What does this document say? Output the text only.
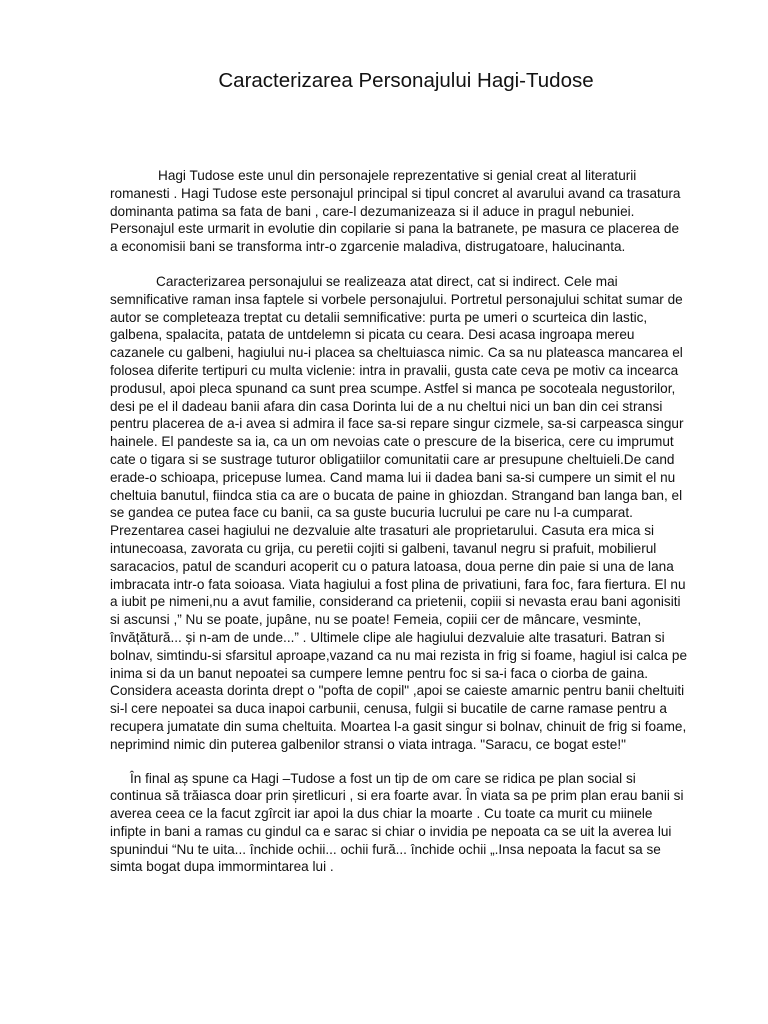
Caracterizarea Personajului Hagi-Tudose

Hagi Tudose este unul din personajele reprezentative si genial creat al literaturii
romanesti . Hagi Tudose este personajul principal si tipul concret al avarului avand ca trasatura
dominanta patima sa fata de bani , care-l dezumanizeaza si il aduce in pragul nebuniei.
Personajul este urmarit in evolutie din copilarie si pana la batranete, pe masura ce placerea de
a economisii bani se transforma intr-o zgarcenie maladiva, distrugatoare, halucinanta.

Caracterizarea personajului se realizeaza atat direct, cat si indirect. Cele mai
semnificative raman insa faptele si vorbele personajului. Portretul personajului schitat sumar de
autor se completeaza treptat cu detalii semnificative: purta pe umeri o scurteica din lastic,
galbena, spalacita, patata de untdelemn si picata cu ceara. Desi acasa ingroapa mereu
cazanele cu galbeni, hagiului nu-i placea sa cheltuiasca nimic. Ca sa nu plateasca mancarea el
folosea diferite tertipuri cu multa viclenie: intra in pravalii, gusta cate ceva pe motiv ca incearca
produsul, apoi pleca spunand ca sunt prea scumpe. Astfel si manca pe socoteala negustorilor,
desi pe el il dadeau banii afara din casa Dorinta lui de a nu cheltui nici un ban din cei stransi
pentru placerea de a-i avea si admira il face sa-si repare singur cizmele, sa-si carpeasca singur
hainele. El pandeste sa ia, ca un om nevoias cate o prescure de la biserica, cere cu imprumut
cate o tigara si se sustrage tuturor obligatiilor comunitatii care ar presupune cheltuieli.De cand
erade-o schioapa, pricepuse lumea. Cand mama lui ii dadea bani sa-si cumpere un simit el nu
cheltuia banutul, fiindca stia ca are o bucata de paine in ghiozdan. Strangand ban langa ban, el
se gandea ce putea face cu banii, ca sa guste bucuria lucrului pe care nu l-a cumparat.
Prezentarea casei hagiului ne dezvaluie alte trasaturi ale proprietarului. Casuta era mica si
intunecoasa, zavorata cu grija, cu peretii cojiti si galbeni, tavanul negru si prafuit, mobilierul
saracacios, patul de scanduri acoperit cu o patura latoasa, doua perne din paie si una de lana
imbracata intr-o fata soioasa. Viata hagiului a fost plina de privatiuni, fara foc, fara fiertura. El nu
a iubit pe nimeni,nu a avut familie, considerand ca prietenii, copiii si nevasta erau bani agonisiti
si ascunsi ,” Nu se poate, jupâne, nu se poate! Femeia, copiii cer de mâncare, vesminte,
învățătură... și n-am de unde...” . Ultimele clipe ale hagiului dezvaluie alte trasaturi. Batran si
bolnav, simtindu-si sfarsitul aproape,vazand ca nu mai rezista in frig si foame, hagiul isi calca pe
inima si da un banut nepoatei sa cumpere lemne pentru foc si sa-i faca o ciorba de gaina.
Considera aceasta dorinta drept o "pofta de copil" ,apoi se caieste amarnic pentru banii cheltuiti
si-l cere nepoatei sa duca inapoi carbunii, cenusa, fulgii si bucatile de carne ramase pentru a
recupera jumatate din suma cheltuita. Moartea l-a gasit singur si bolnav, chinuit de frig si foame,
neprimind nimic din puterea galbenilor stransi o viata intraga. "Saracu, ce bogat este!"

În final aș spune ca Hagi –Tudose a fost un tip de om care se ridica pe plan social si
continua să trăiasca doar prin șiretlicuri , si era foarte avar. În viata sa pe prim plan erau banii si
averea ceea ce la facut zgîrcit iar apoi la dus chiar la moarte . Cu toate ca murit cu miinele
infipte in bani a ramas cu gindul ca e sarac si chiar o invidia pe nepoata ca se uit la averea lui
spunindui “Nu te uita... închide ochii... ochii fură... închide ochii „.Insa nepoata la facut sa se
simta bogat dupa immormintarea lui .
